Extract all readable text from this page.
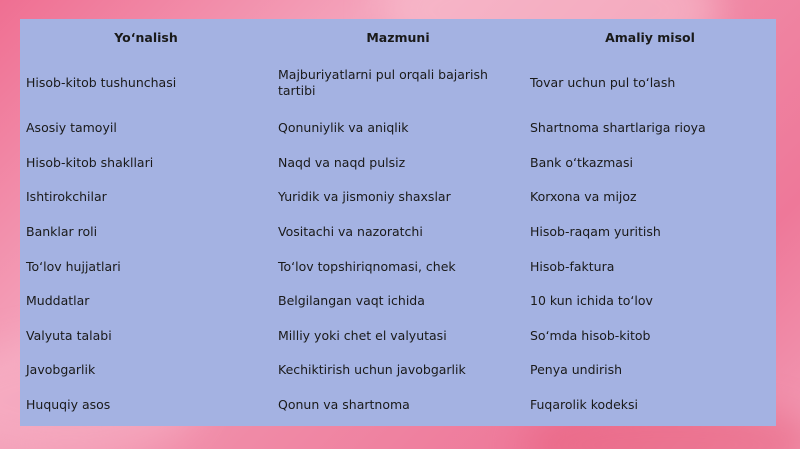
Yo‘nalish	Mazmuni	Amaliy misol
Hisob-kitob tushunchasi	Majburiyatlarni pul orqali bajarish tartibi	Tovar uchun pul to‘lash
Asosiy tamoyil	Qonuniylik va aniqlik	Shartnoma shartlariga rioya
Hisob-kitob shakllari	Naqd va naqd pulsiz	Bank o‘tkazmasi
Ishtirokchilar	Yuridik va jismoniy shaxslar	Korxona va mijoz
Banklar roli	Vositachi va nazoratchi	Hisob-raqam yuritish
To‘lov hujjatlari	To‘lov topshiriqnomasi, chek	Hisob-faktura
Muddatlar	Belgilangan vaqt ichida	10 kun ichida to‘lov
Valyuta talabi	Milliy yoki chet el valyutasi	So‘mda hisob-kitob
Javobgarlik	Kechiktirish uchun javobgarlik	Penya undirish
Huquqiy asos	Qonun va shartnoma	Fuqarolik kodeksi
